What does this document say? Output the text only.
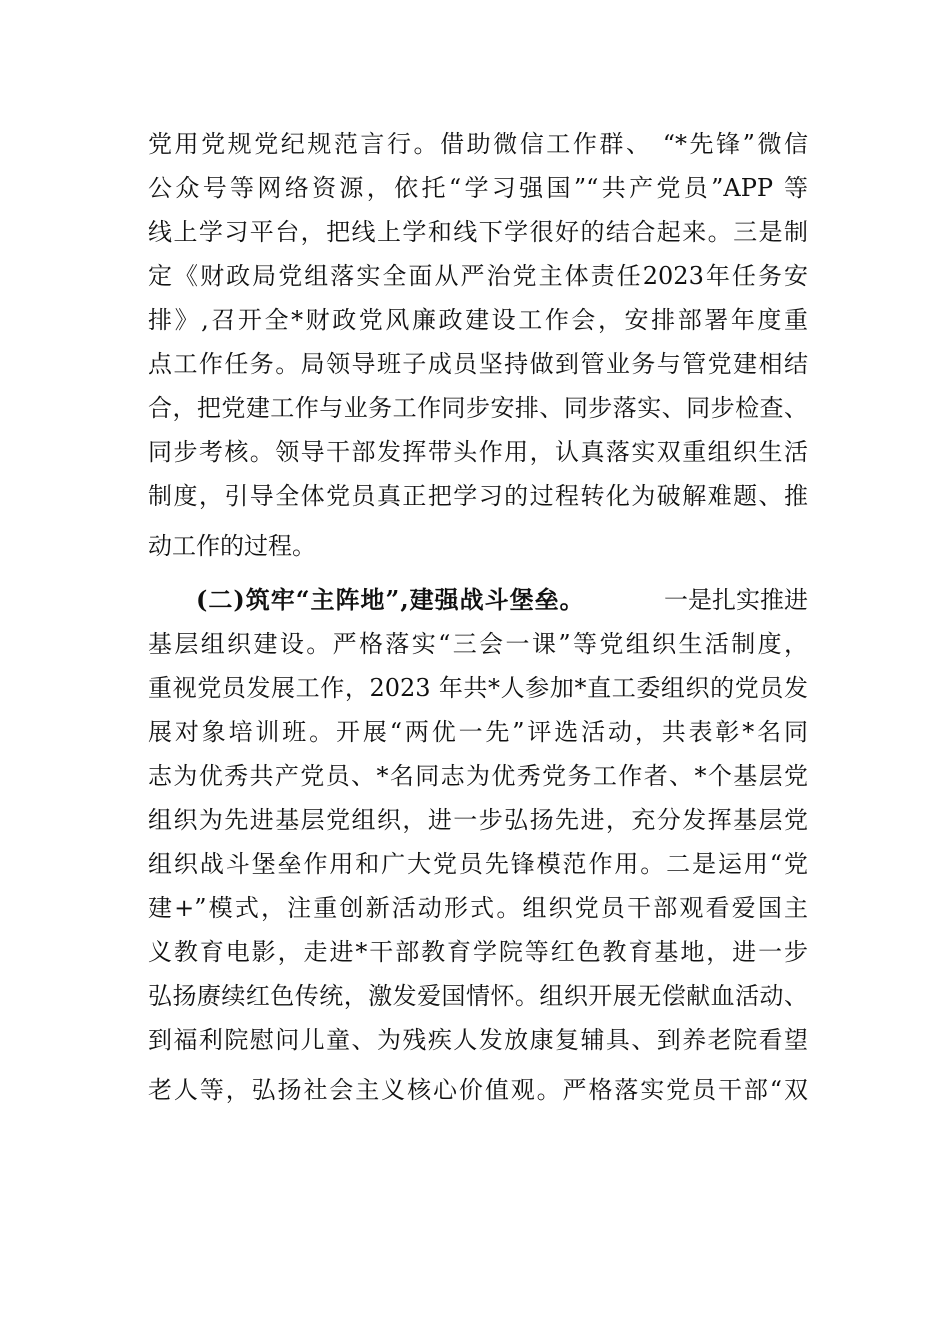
党用党规党纪规范言行。借助微信工作群、 “*先锋”微信
公众号等网络资源，依托“学习强国”“共产党员”APP 等
线上学习平台，把线上学和线下学很好的结合起来。三是制
定《财政局党组落实全面从严治党主体责任2023年任务安
排》,召开全*财政党风廉政建设工作会，安排部署年度重
点工作任务。局领导班子成员坚持做到管业务与管党建相结
合，把党建工作与业务工作同步安排、同步落实、同步检查、
同步考核。领导干部发挥带头作用，认真落实双重组织生活
制度，引导全体党员真正把学习的过程转化为破解难题、推
动工作的过程。
(二)筑牢“主阵地”,建强战斗堡垒。	一是扎实推进
基层组织建设。严格落实“三会一课”等党组织生活制度，
重视党员发展工作，2023 年共*人参加*直工委组织的党员发
展对象培训班。开展“两优一先”评选活动，共表彰*名同
志为优秀共产党员、*名同志为优秀党务工作者、*个基层党
组织为先进基层党组织，进一步弘扬先进，充分发挥基层党
组织战斗堡垒作用和广大党员先锋模范作用。二是运用“党
建+”模式，注重创新活动形式。组织党员干部观看爱国主
义教育电影，走进*干部教育学院等红色教育基地，进一步
弘扬赓续红色传统，激发爱国情怀。组织开展无偿献血活动、
到福利院慰问儿童、为残疾人发放康复辅具、到养老院看望
老人等，弘扬社会主义核心价值观。严格落实党员干部“双
